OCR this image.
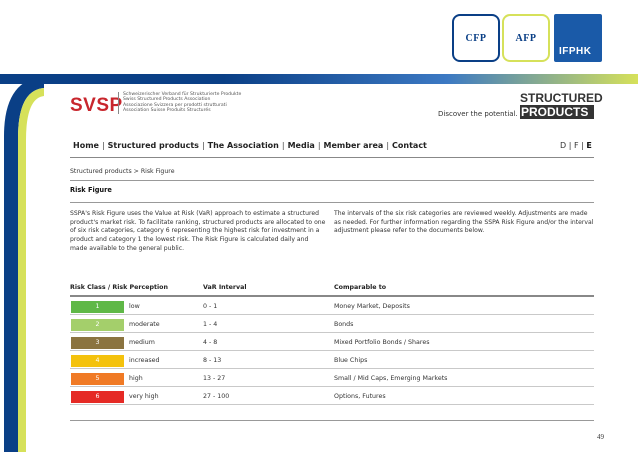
CFP	AFP
IFPHK
SVSP
Schweizerischer Verband für Strukturierte Produkte
Swiss Structured Products Association
Associazione Svizzera per prodotti strutturati
Association Suisse Produits Structurés	Discover the potential.
STRUCTURED
PRODUCTS
Home | Structured products | The Association | Media | Member area | Contact	D | F | E
Structured products > Risk Figure
Risk Figure
SSPA's Risk Figure uses the Value at Risk (VaR) approach to estimate a structured product's market risk. To facilitate ranking, structured products are allocated to one of six risk categories, category 6 representing the highest risk for investment in a product and category 1 the lowest risk. The Risk Figure is calculated daily and made available to the general public.
The intervals of the six risk categories are reviewed weekly. Adjustments are made as needed. For further information regarding the SSPA Risk Figure and/or the interval adjustment please refer to the documents below.
Risk Class / Risk Perception	VaR Interval	Comparable to
1	low	0 - 1	Money Market, Deposits
2	moderate	1 - 4	Bonds
3	medium	4 - 8	Mixed Portfolio Bonds / Shares
4	increased	8 - 13	Blue Chips
5	high	13 - 27	Small / Mid Caps, Emerging Markets
6	very high	27 - 100	Options, Futures
49
